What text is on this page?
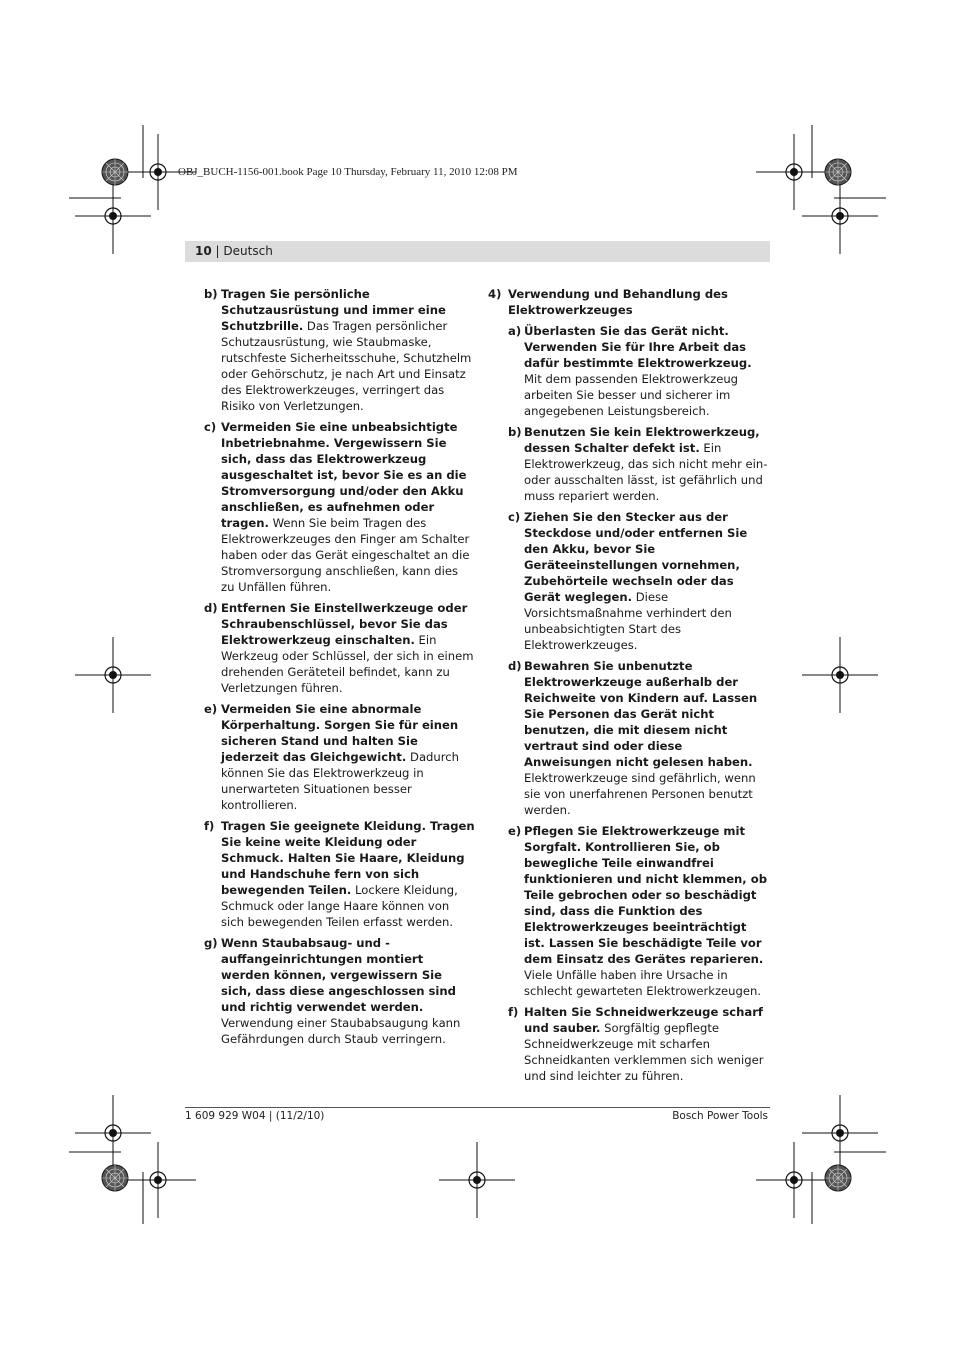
OBJ_BUCH-1156-001.book Page 10 Thursday, February 11, 2010 12:08 PM
10 | Deutsch
b) Tragen Sie persönliche Schutzausrüstung und immer eine Schutzbrille. Das Tragen persönlicher Schutzausrüstung, wie Staubmaske, rutschfeste Sicherheitsschuhe, Schutzhelm oder Gehörschutz, je nach Art und Einsatz des Elektrowerkzeuges, verringert das Risiko von Verletzungen.
c) Vermeiden Sie eine unbeabsichtigte Inbetriebnahme. Vergewissern Sie sich, dass das Elektrowerkzeug ausgeschaltet ist, bevor Sie es an die Stromversorgung und/oder den Akku anschließen, es aufnehmen oder tragen. Wenn Sie beim Tragen des Elektrowerkzeuges den Finger am Schalter haben oder das Gerät eingeschaltet an die Stromversorgung anschließen, kann dies zu Unfällen führen.
d) Entfernen Sie Einstellwerkzeuge oder Schraubenschlüssel, bevor Sie das Elektrowerkzeug einschalten. Ein Werkzeug oder Schlüssel, der sich in einem drehenden Geräteteil befindet, kann zu Verletzungen führen.
e) Vermeiden Sie eine abnormale Körperhaltung. Sorgen Sie für einen sicheren Stand und halten Sie jederzeit das Gleichgewicht. Dadurch können Sie das Elektrowerkzeug in unerwarteten Situationen besser kontrollieren.
f) Tragen Sie geeignete Kleidung. Tragen Sie keine weite Kleidung oder Schmuck. Halten Sie Haare, Kleidung und Handschuhe fern von sich bewegenden Teilen. Lockere Kleidung, Schmuck oder lange Haare können von sich bewegenden Teilen erfasst werden.
g) Wenn Staubabsaug- und -auffangeinrichtungen montiert werden können, vergewissern Sie sich, dass diese angeschlossen sind und richtig verwendet werden. Verwendung einer Staubabsaugung kann Gefährdungen durch Staub verringern.
4) Verwendung und Behandlung des Elektrowerkzeuges
a) Überlasten Sie das Gerät nicht. Verwenden Sie für Ihre Arbeit das dafür bestimmte Elektrowerkzeug. Mit dem passenden Elektrowerkzeug arbeiten Sie besser und sicherer im angegebenen Leistungsbereich.
b) Benutzen Sie kein Elektrowerkzeug, dessen Schalter defekt ist. Ein Elektrowerkzeug, das sich nicht mehr ein- oder ausschalten lässt, ist gefährlich und muss repariert werden.
c) Ziehen Sie den Stecker aus der Steckdose und/oder entfernen Sie den Akku, bevor Sie Geräteeinstellungen vornehmen, Zubehörteile wechseln oder das Gerät weglegen. Diese Vorsichtsmaßnahme verhindert den unbeabsichtigten Start des Elektrowerkzeuges.
d) Bewahren Sie unbenutzte Elektrowerkzeuge außerhalb der Reichweite von Kindern auf. Lassen Sie Personen das Gerät nicht benutzen, die mit diesem nicht vertraut sind oder diese Anweisungen nicht gelesen haben. Elektrowerkzeuge sind gefährlich, wenn sie von unerfahrenen Personen benutzt werden.
e) Pflegen Sie Elektrowerkzeuge mit Sorgfalt. Kontrollieren Sie, ob bewegliche Teile einwandfrei funktionieren und nicht klemmen, ob Teile gebrochen oder so beschädigt sind, dass die Funktion des Elektrowerkzeuges beeinträchtigt ist. Lassen Sie beschädigte Teile vor dem Einsatz des Gerätes reparieren. Viele Unfälle haben ihre Ursache in schlecht gewarteten Elektrowerkzeugen.
f) Halten Sie Schneidwerkzeuge scharf und sauber. Sorgfältig gepflegte Schneidwerkzeuge mit scharfen Schneidkanten verklemmen sich weniger und sind leichter zu führen.
1 609 929 W04 | (11/2/10)	Bosch Power Tools
